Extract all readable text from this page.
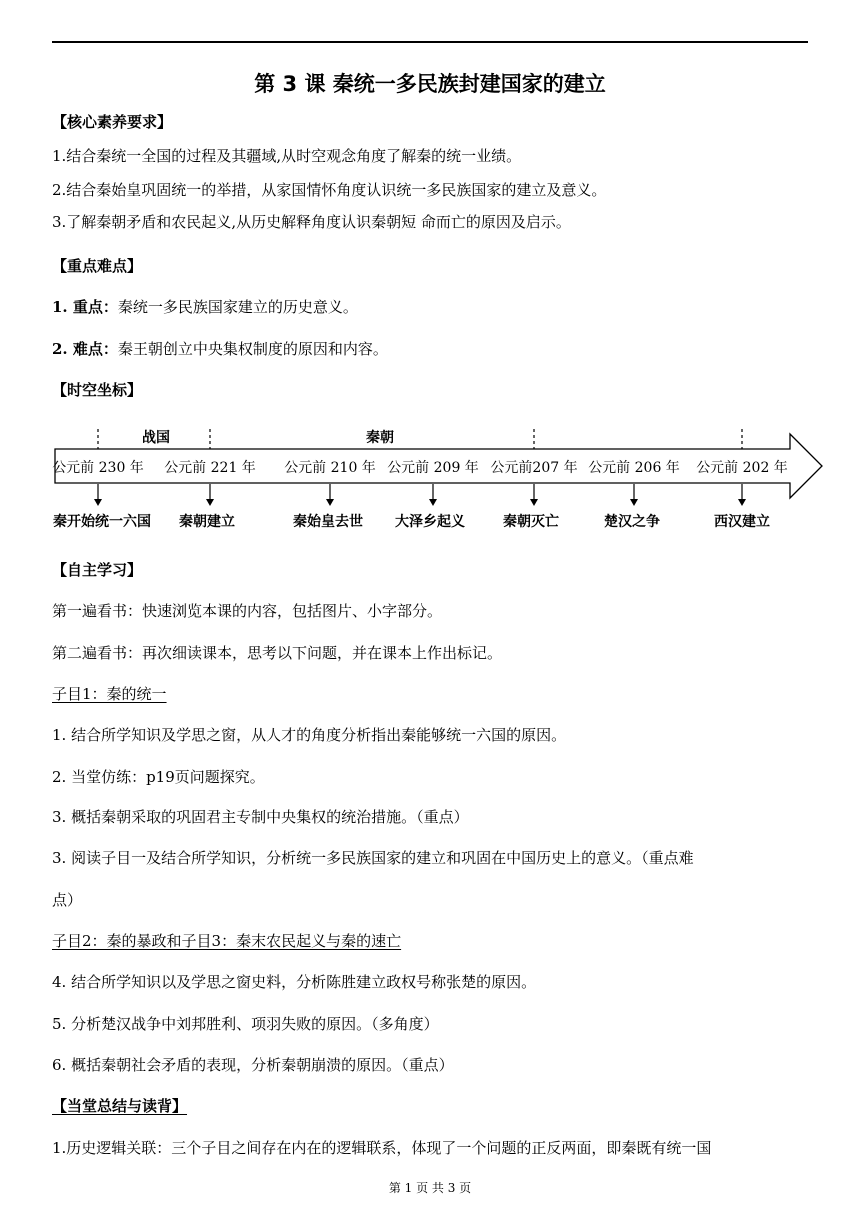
第 3 课 秦统一多民族封建国家的建立
【核心素养要求】
1.结合秦统一全国的过程及其疆域,从时空观念角度了解秦的统一业绩。
2.结合秦始皇巩固统一的举措，从家国情怀角度认识统一多民族国家的建立及意义。
3.了解秦朝矛盾和农民起义,从历史解释角度认识秦朝短 命而亡的原因及启示。
【重点难点】
1. 重点：秦统一多民族国家建立的历史意义。
2. 难点：秦王朝创立中央集权制度的原因和内容。
【时空坐标】
战国	秦朝
公元前 230 年 公元前 221 年 公元前 210 年 公元前 209 年 公元前207 年 公元前 206 年 公元前 202 年
秦开始统一六国 秦朝建立	秦始皇去世 大泽乡起义	秦朝灭亡	楚汉之争	西汉建立
【自主学习】
第一遍看书：快速浏览本课的内容，包括图片、小字部分。
第二遍看书：再次细读课本，思考以下问题，并在课本上作出标记。
子目1：秦的统一
1. 结合所学知识及学思之窗，从人才的角度分析指出秦能够统一六国的原因。
2. 当堂仿练：p19页问题探究。
3. 概括秦朝采取的巩固君主专制中央集权的统治措施。（重点）
3. 阅读子目一及结合所学知识，分析统一多民族国家的建立和巩固在中国历史上的意义。（重点难
点）
子目2：秦的暴政和子目3：秦末农民起义与秦的速亡
4. 结合所学知识以及学思之窗史料，分析陈胜建立政权号称张楚的原因。
5. 分析楚汉战争中刘邦胜利、项羽失败的原因。（多角度）
6. 概括秦朝社会矛盾的表现，分析秦朝崩溃的原因。（重点）
【当堂总结与读背】
1.历史逻辑关联：三个子目之间存在内在的逻辑联系，体现了一个问题的正反两面，即秦既有统一国
第 1 页 共 3 页
